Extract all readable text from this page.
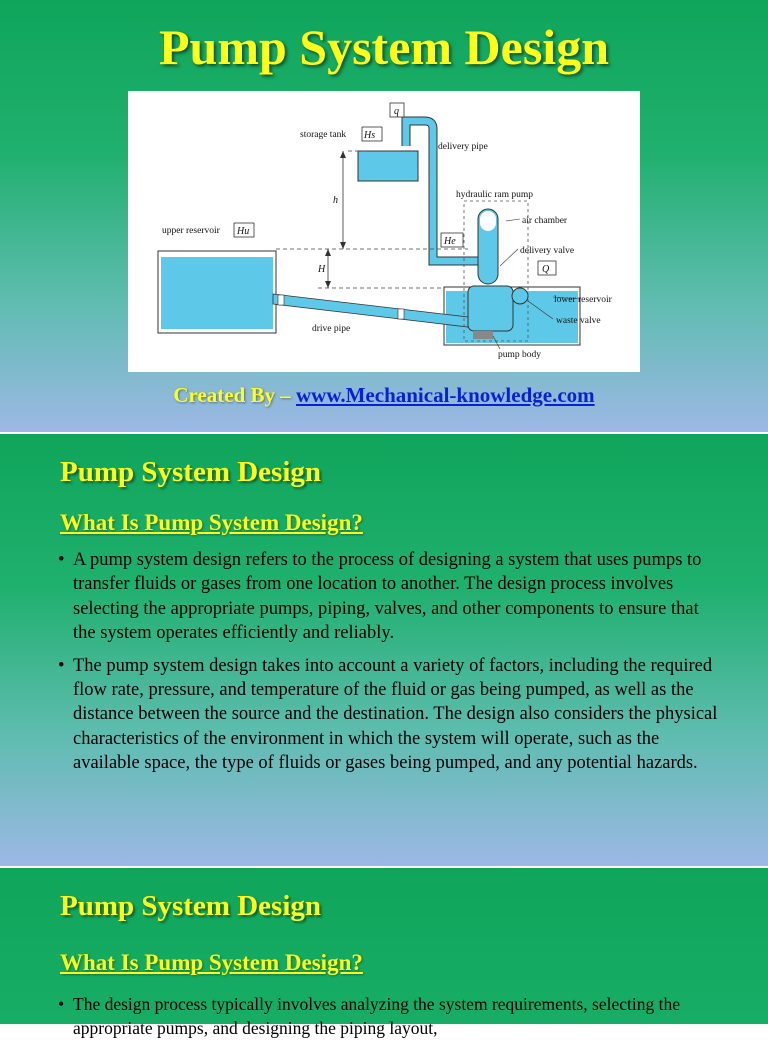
Pump System Design
q
storage tank Hs
delivery pipe
hydraulic ram pump
upper reservoir Hu
air chamber
He
delivery valve
Q
lower reservoir
waste valve
drive pipe
pump body
h
H
Created By – www.Mechanical-knowledge.com
Pump System Design
What Is Pump System Design?
• A pump system design refers to the process of designing a system that uses pumps to transfer fluids or gases from one location to another. The design process involves selecting the appropriate pumps, piping, valves, and other components to ensure that the system operates efficiently and reliably.
• The pump system design takes into account a variety of factors, including the required flow rate, pressure, and temperature of the fluid or gas being pumped, as well as the distance between the source and the destination. The design also considers the physical characteristics of the environment in which the system will operate, such as the available space, the type of fluids or gases being pumped, and any potential hazards.
Pump System Design
What Is Pump System Design?
• The design process typically involves analyzing the system requirements, selecting the appropriate pumps, and designing the piping layout,
